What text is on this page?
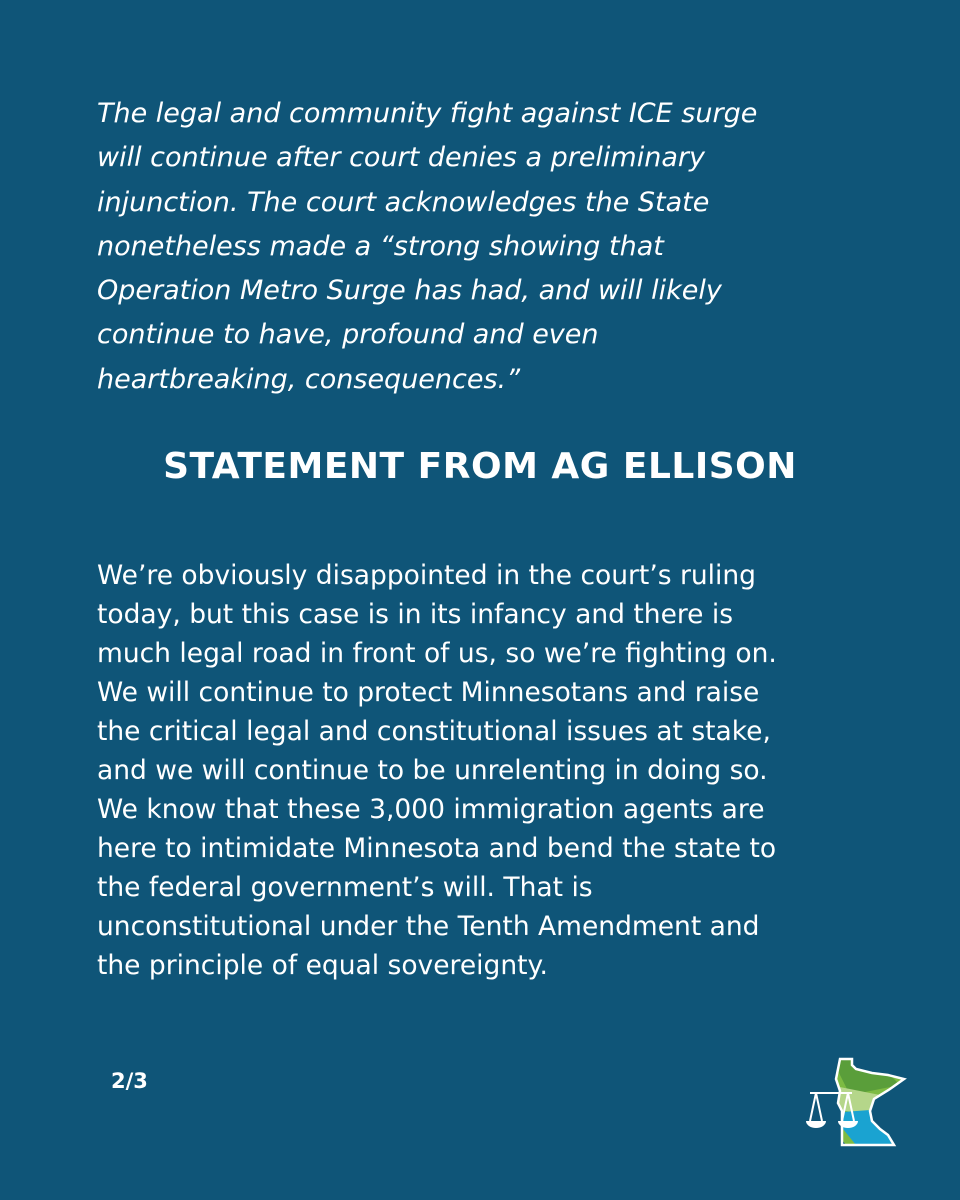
The legal and community fight against ICE surge
will continue after court denies a preliminary
injunction. The court acknowledges the State
nonetheless made a “strong showing that
Operation Metro Surge has had, and will likely
continue to have, profound and even
heartbreaking, consequences.”
STATEMENT FROM AG ELLISON
We’re obviously disappointed in the court’s ruling
today, but this case is in its infancy and there is
much legal road in front of us, so we’re fighting on.
We will continue to protect Minnesotans and raise
the critical legal and constitutional issues at stake,
and we will continue to be unrelenting in doing so.
We know that these 3,000 immigration agents are
here to intimidate Minnesota and bend the state to
the federal government’s will. That is
unconstitutional under the Tenth Amendment and
the principle of equal sovereignty.
2/3
